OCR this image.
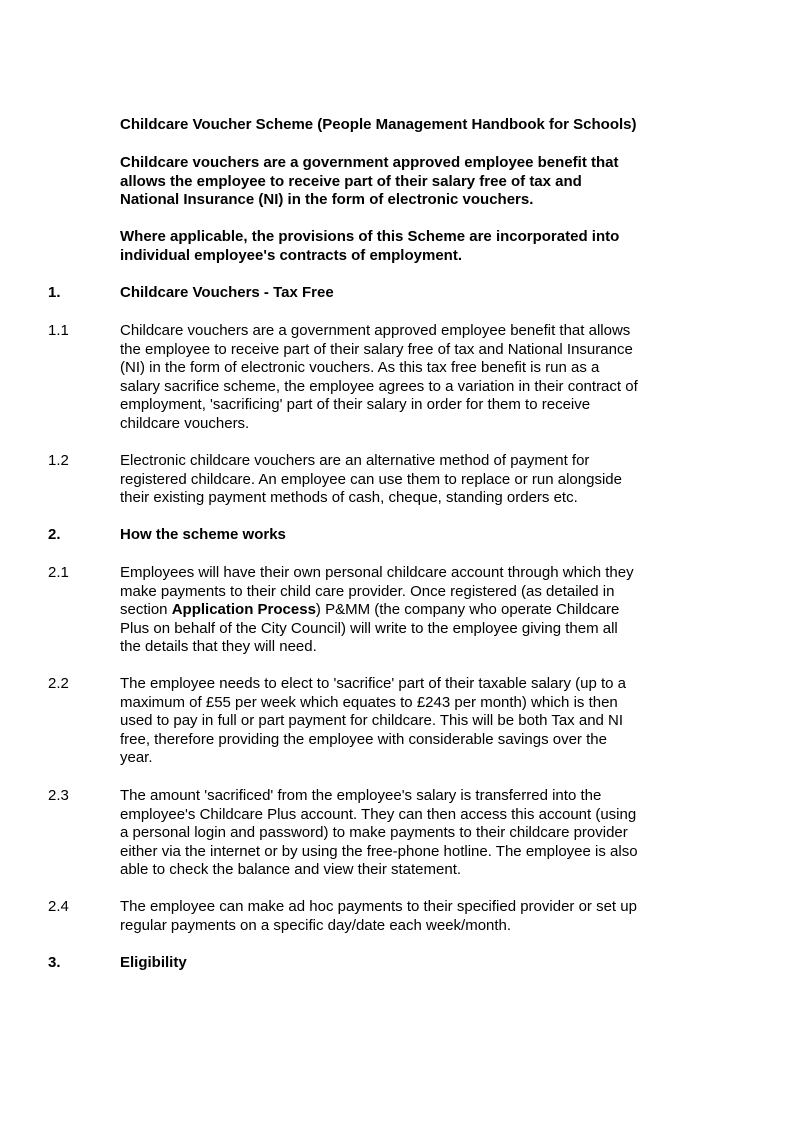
Childcare Voucher Scheme (People Management Handbook for Schools)

Childcare vouchers are a government approved employee benefit that
allows the employee to receive part of their salary free of tax and
National Insurance (NI) in the form of electronic vouchers.

Where applicable, the provisions of this Scheme are incorporated into
individual employee's contracts of employment.

1.	Childcare Vouchers - Tax Free

1.1	Childcare vouchers are a government approved employee benefit that allows
the employee to receive part of their salary free of tax and National Insurance
(NI) in the form of electronic vouchers. As this tax free benefit is run as a
salary sacrifice scheme, the employee agrees to a variation in their contract of
employment, 'sacrificing' part of their salary in order for them to receive
childcare vouchers.

1.2	Electronic childcare vouchers are an alternative method of payment for
registered childcare. An employee can use them to replace or run alongside
their existing payment methods of cash, cheque, standing orders etc.

2.	How the scheme works

2.1	Employees will have their own personal childcare account through which they
make payments to their child care provider. Once registered (as detailed in
section Application Process) P&MM (the company who operate Childcare
Plus on behalf of the City Council) will write to the employee giving them all
the details that they will need.

2.2	The employee needs to elect to 'sacrifice' part of their taxable salary (up to a
maximum of £55 per week which equates to £243 per month) which is then
used to pay in full or part payment for childcare. This will be both Tax and NI
free, therefore providing the employee with considerable savings over the
year.

2.3	The amount 'sacrificed' from the employee's salary is transferred into the
employee's Childcare Plus account. They can then access this account (using
a personal login and password) to make payments to their childcare provider
either via the internet or by using the free-phone hotline. The employee is also
able to check the balance and view their statement.

2.4	The employee can make ad hoc payments to their specified provider or set up
regular payments on a specific day/date each week/month.

3.	Eligibility
